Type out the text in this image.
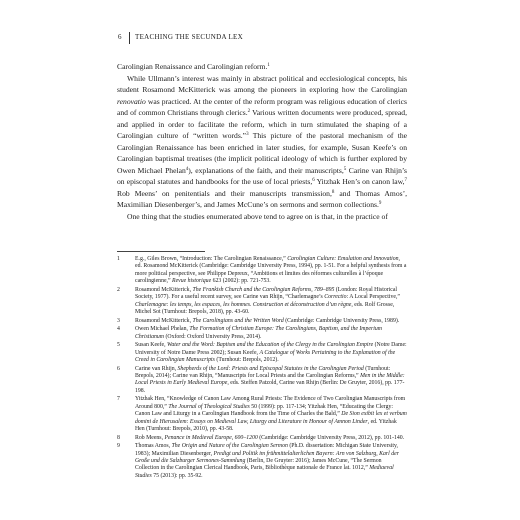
6 TEACHING THE SECUNDA LEX

Carolingian Renaissance and Carolingian reform.$^1$

While Ullmann’s interest was mainly in abstract political and ecclesiological concepts, his student Rosamond McKitterick was among the pioneers in exploring how the Carolingian renovatio was practiced. At the center of the reform program was religious education of clerics and of common Christians through clerics.$^2$ Various written documents were produced, spread, and applied in order to facilitate the reform, which in turn stimulated the shaping of a Carolingian culture of “written words.”$^3$ This picture of the pastoral mechanism of the Carolingian Renaissance has been enriched in later studies, for example, Susan Keefe’s on Carolingian baptismal treatises (the implicit political ideology of which is further explored by Owen Michael Phelan$^4$), explanations of the faith, and their manuscripts,$^5$ Carine van Rhijn’s on episcopal statutes and handbooks for the use of local priests,$^6$ Yitzhak Hen’s on canon law,$^7$ Rob Meens’ on penitentials and their manuscripts transmission,$^8$ and Thomas Amos’, Maximilian Diesenberger’s, and James McCune’s on sermons and sermon collections.$^9$

One thing that the studies enumerated above tend to agree on is that, in the practice of

1	E.g., Giles Brown, “Introduction: The Carolingian Renaissance,” Carolingian Culture: Emulation and Innovation, ed. Rosamond McKitterick (Cambridge: Cambridge University Press, 1994), pp. 1-51. For a helpful synthesis from a more political perspective, see Philippe Depreux, “Ambitions et limites des réformes culturelles à l’époque carolingienne,” Revue historique 623 (2002): pp. 721-753.
2	Rosamond McKitterick, The Frankish Church and the Carolingian Reforms, 789–895 (London: Royal Historical Society, 1977). For a useful recent survey, see Carine van Rhijn, “Charlemagne’s Correctio: A Local Perspective,” Charlemagne: les temps, les espaces, les hommes. Construction et déconstruction d’un règne, eds. Rolf Grosse, Michel Sot (Turnhout: Brepols, 2018), pp. 43-60.
3	Rosamond McKitterick, The Carolingians and the Written Word (Cambridge: Cambridge University Press, 1989).
4	Owen Michael Phelan, The Formation of Christian Europe: The Carolingians, Baptism, and the Imperium Christianum (Oxford: Oxford University Press, 2014).
5	Susan Keefe, Water and the Word: Baptism and the Education of the Clergy in the Carolingian Empire (Notre Dame: University of Notre Dame Press 2002); Susan Keefe, A Catalogue of Works Pertaining to the Explanation of the Creed in Carolingian Manuscripts (Turnhout: Brepols, 2012).
6	Carine van Rhijn, Shepherds of the Lord: Priests and Episcopal Statutes in the Carolingian Period (Turnhout: Brepols, 2014); Carine van Rhijn, “Manuscripts for Local Priests and the Carolingian Reforms,” Men in the Middle: Local Priests in Early Medieval Europe, eds. Steffen Patzold, Carine van Rhijn (Berlin: De Gruyter, 2016), pp. 177-198.
7	Yitzhak Hen, “Knowledge of Canon Law Among Rural Priests: The Evidence of Two Carolingian Manuscripts from Around 800,” The Journal of Theological Studies 50 (1999): pp. 117-134; Yitzhak Hen, “Educating the Clergy: Canon Law and Liturgy in a Carolingian Handbook from the Time of Charles the Bald,” De Sion exibit lex et verbum domini de Hierusalem: Essays on Medieval Law, Liturgy and Literature in Honour of Amnon Linder, ed. Yitzhak Hen (Turnhout: Brepols, 2010), pp. 43-58.
8	Rob Meens, Penance in Medieval Europe, 600–1200 (Cambridge: Cambridge University Press, 2012), pp. 101-140.
9	Thomas Amos, The Origin and Nature of the Carolingian Sermon (Ph.D. dissertation: Michigan State University, 1983); Maximilian Diesenberger, Predigt und Politik im frühmittelalterlichen Bayern: Arn von Salzburg, Karl der Große und die Salzburger Sermones-Sammlung (Berlin, De Gruyter: 2016); James McCune, “The Sermon Collection in the Carolingian Clerical Handbook, Paris, Bibliothèque nationale de France lat. 1012,” Mediaeval Studies 75 (2013): pp. 35-92.
